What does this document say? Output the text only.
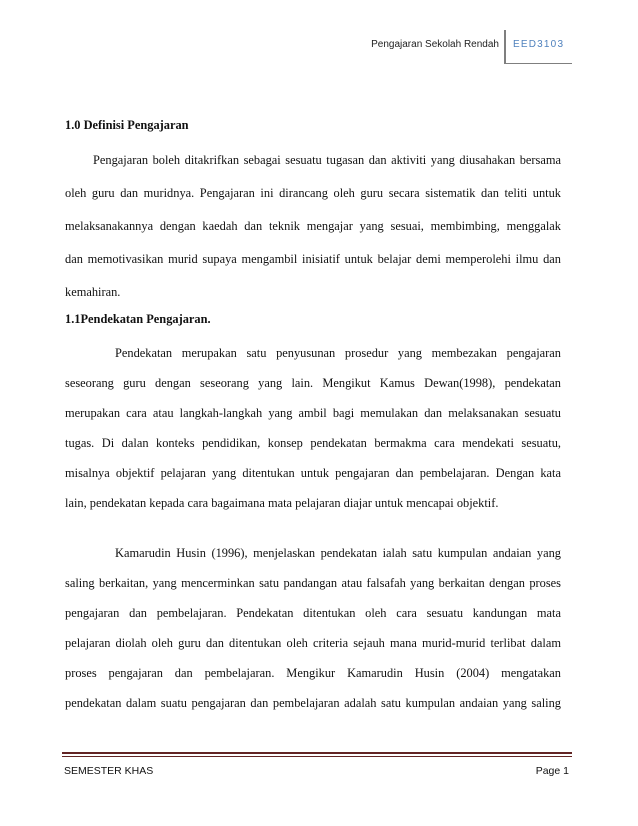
Pengajaran Sekolah Rendah EED3103
1.0 Definisi Pengajaran
Pengajaran boleh ditakrifkan sebagai sesuatu tugasan dan aktiviti yang diusahakan bersama
oleh guru dan muridnya. Pengajaran ini dirancang oleh guru secara sistematik dan teliti untuk
melaksanakannya dengan kaedah dan teknik mengajar yang sesuai, membimbing, menggalak
dan memotivasikan murid supaya mengambil inisiatif untuk belajar demi memperolehi ilmu dan
kemahiran.
1.1Pendekatan Pengajaran.
Pendekatan merupakan satu penyusunan prosedur yang membezakan pengajaran
seseorang guru dengan seseorang yang lain. Mengikut Kamus Dewan(1998), pendekatan
merupakan cara atau langkah-langkah yang ambil bagi memulakan dan melaksanakan sesuatu
tugas. Di dalan konteks pendidikan, konsep pendekatan bermakma cara mendekati sesuatu,
misalnya objektif pelajaran yang ditentukan untuk pengajaran dan pembelajaran. Dengan kata
lain, pendekatan kepada cara bagaimana mata pelajaran diajar untuk mencapai objektif.
Kamarudin Husin (1996), menjelaskan pendekatan ialah satu kumpulan andaian yang
saling berkaitan, yang mencerminkan satu pandangan atau falsafah yang berkaitan dengan proses
pengajaran dan pembelajaran. Pendekatan ditentukan oleh cara sesuatu kandungan mata
pelajaran diolah oleh guru dan ditentukan oleh criteria sejauh mana murid-murid terlibat dalam
proses pengajaran dan pembelajaran. Mengikur Kamarudin Husin (2004) mengatakan
pendekatan dalam suatu pengajaran dan pembelajaran adalah satu kumpulan andaian yang saling
SEMESTER KHAS	Page 1
